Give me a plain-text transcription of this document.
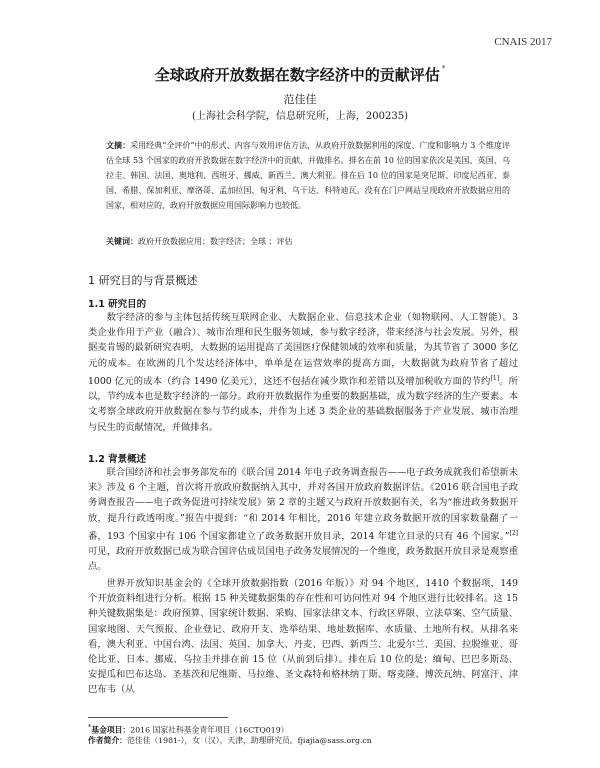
CNAIS 2017
全球政府开放数据在数字经济中的贡献评估 *
范佳佳
(上海社会科学院，信息研究所，上海，200235)
文摘：采用经典“全评价”中的形式、内容与效用评估方法，从政府开放数据利用的深度、广度和影响力 3 个维度评估全球 53 个国家的政府开放数据在数字经济中的贡献，并做排名。排名在前 10 位的国家依次是美国、英国、乌拉圭、韩国、法国、奥地利、西班牙、挪威、新西兰、澳大利亚。排在后 10 位的国家是突尼斯、印度尼西亚、泰国、希腊、保加利亚、摩洛哥、孟加拉国、匈牙利、乌干达、科特迪瓦。没有在门户网站呈现政府开放数据应用的国家，相对应的，政府开放数据应用国际影响力也较低。
关键词：政府开放数据应用；数字经济；全球 ；评估
1 研究目的与背景概述
1.1 研究目的

数字经济的参与主体包括传统互联网企业、大数据企业、信息技术企业（如物联网、人工智能）。3 类企业作用于产业（融合）、城市治理和民生服务领域，参与数字经济，带来经济与社会发展。另外，根据麦肯锡的最新研究表明，大数据的运用提高了美国医疗保健领域的效率和质量，为其节省了 3000 多亿元的成本。在欧洲的几个发达经济体中，单单是在运营效率的提高方面，大数据就为政府节省了超过 1000 亿元的成本（约合 1490 亿美元），这还不包括在减少欺诈和差错以及增加税收方面的节约[1]。所以，节约成本也是数字经济的一部分。政府开放数据作为重要的数据基础，成为数字经济的生产要素。本文考察全球政府开放数据在参与节约成本，并作为上述 3 类企业的基础数据服务于产业发展、城市治理与民生的贡献情况，并做排名。

1.2 背景概述

联合国经济和社会事务部发布的《联合国 2014 年电子政务调查报告——电子政务成就我们希望新未来》涉及 6 个主题，首次将开放政府数据纳入其中，并对各国开放政府数据评估。《2016 联合国电子政务调查报告——电子政务促进可持续发展》第 2 章的主题又与政府开放数据有关，名为“推进政务数据开放，提升行政透明度。”报告中提到：“和 2014 年相比，2016 年建立政务数据开放的国家数量翻了一番，193 个国家中有 106 个国家都建立了政务数据开放目录，2014 年建立目录的只有 46 个国家。”[2] 可见，政府开放数据已成为联合国评估成员国电子政务发展情况的一个维度，政务数据开放目录是观察重点。

世界开放知识基金会的《全球开放数据指数（2016 年版）》对 94 个地区，1410 个数据项，149 个开放资料组进行分析。根据 15 种关键数据集的存在性和可访问性对 94 个地区进行比较排名。这 15 种关键数据集是：政府预算、国家统计数据、采购、国家法律文本、行政区界限、立法草案、空气质量、国家地图、天气预报、企业登记、政府开支、选举结果、地址数据库、水质量、土地所有权。从排名来看，澳大利亚、中国台湾、法国、英国、加拿大、丹麦、巴西、新西兰、北爱尔兰、美国、拉脱维亚、哥伦比亚、日本、挪威、乌拉圭并排在前 15 位（从前到后排）。排在后 10 位的是：缅甸、巴巴多斯岛、安提瓜和巴布达岛、圣基茨和尼维斯、马拉维、圣文森特和格林纳丁斯、喀麦隆、博茨瓦纳、阿富汗、津巴布韦（从

*基金项目：2016 国家社科基金青年项目（16CTQ019）
作者简介：范佳佳（1981-），女（汉），天津，助理研究员。fjiajia@sass.org.cn
